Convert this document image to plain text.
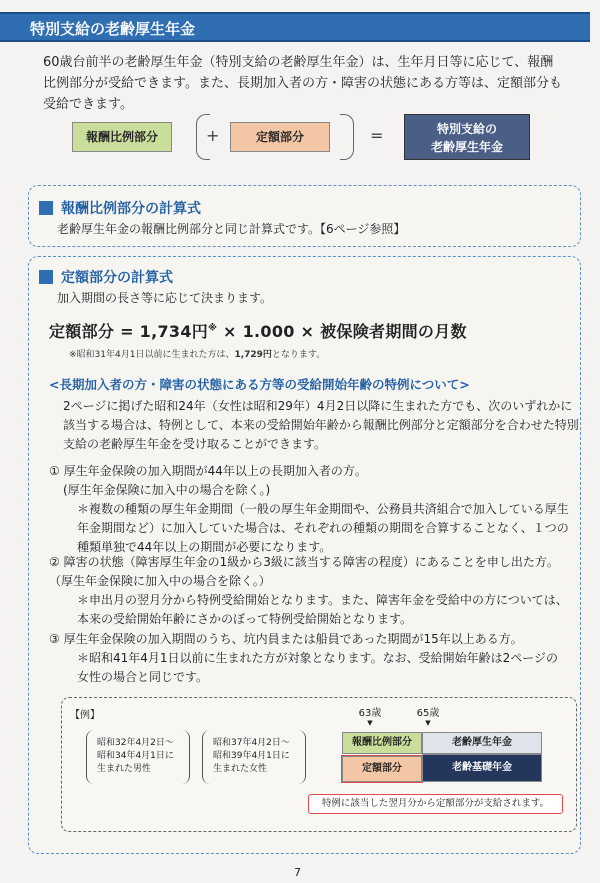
特別支給の老齢厚生年金
60歳台前半の老齢厚生年金（特別支給の老齢厚生年金）は、生年月日等に応じて、報酬比例部分が受給できます。また、長期加入者の方・障害の状態にある方等は、定額部分も受給できます。
報酬比例部分	+	定額部分	=	特別支給の
老齢厚生年金
報酬比例部分の計算式
老齢厚生年金の報酬比例部分と同じ計算式です。【6ページ参照】
定額部分の計算式
加入期間の長さ等に応じて決まります。
定額部分 = 1,734円※ × 1.000 × 被保険者期間の月数
※昭和31年4月1日以前に生まれた方は、1,729円となります。
<長期加入者の方・障害の状態にある方等の受給開始年齢の特例について>
2ページに掲げた昭和24年（女性は昭和29年）4月2日以降に生まれた方でも、次のいずれかに該当する場合は、特例として、本来の受給開始年齢から報酬比例部分と定額部分を合わせた特別支給の老齢厚生年金を受け取ることができます。
① 厚生年金保険の加入期間が44年以上の長期加入者の方。
(厚生年金保険に加入中の場合を除く。)
＊複数の種類の厚生年金期間（一般の厚生年金期間や、公務員共済組合で加入している厚生年金期間など）に加入していた場合は、それぞれの種類の期間を合算することなく、１つの種類単独で44年以上の期間が必要になります。
② 障害の状態（障害厚生年金の1級から3級に該当する障害の程度）にあることを申し出た方。（厚生年金保険に加入中の場合を除く。）
＊申出月の翌月分から特例受給開始となります。また、障害年金を受給中の方については、本来の受給開始年齢にさかのぼって特例受給開始となります。
③ 厚生年金保険の加入期間のうち、坑内員または船員であった期間が15年以上ある方。
＊昭和41年4月1日以前に生まれた方が対象となります。なお、受給開始年齢は2ページの女性の場合と同じです。
【例】
昭和32年4月2日〜昭和34年4月1日に生まれた男性
昭和37年4月2日〜昭和39年4月1日に生まれた女性
63歳
▼
65歳
▼
報酬比例部分	老齢厚生年金
定額部分	老齢基礎年金
特例に該当した翌月分から定額部分が支給されます。
7
